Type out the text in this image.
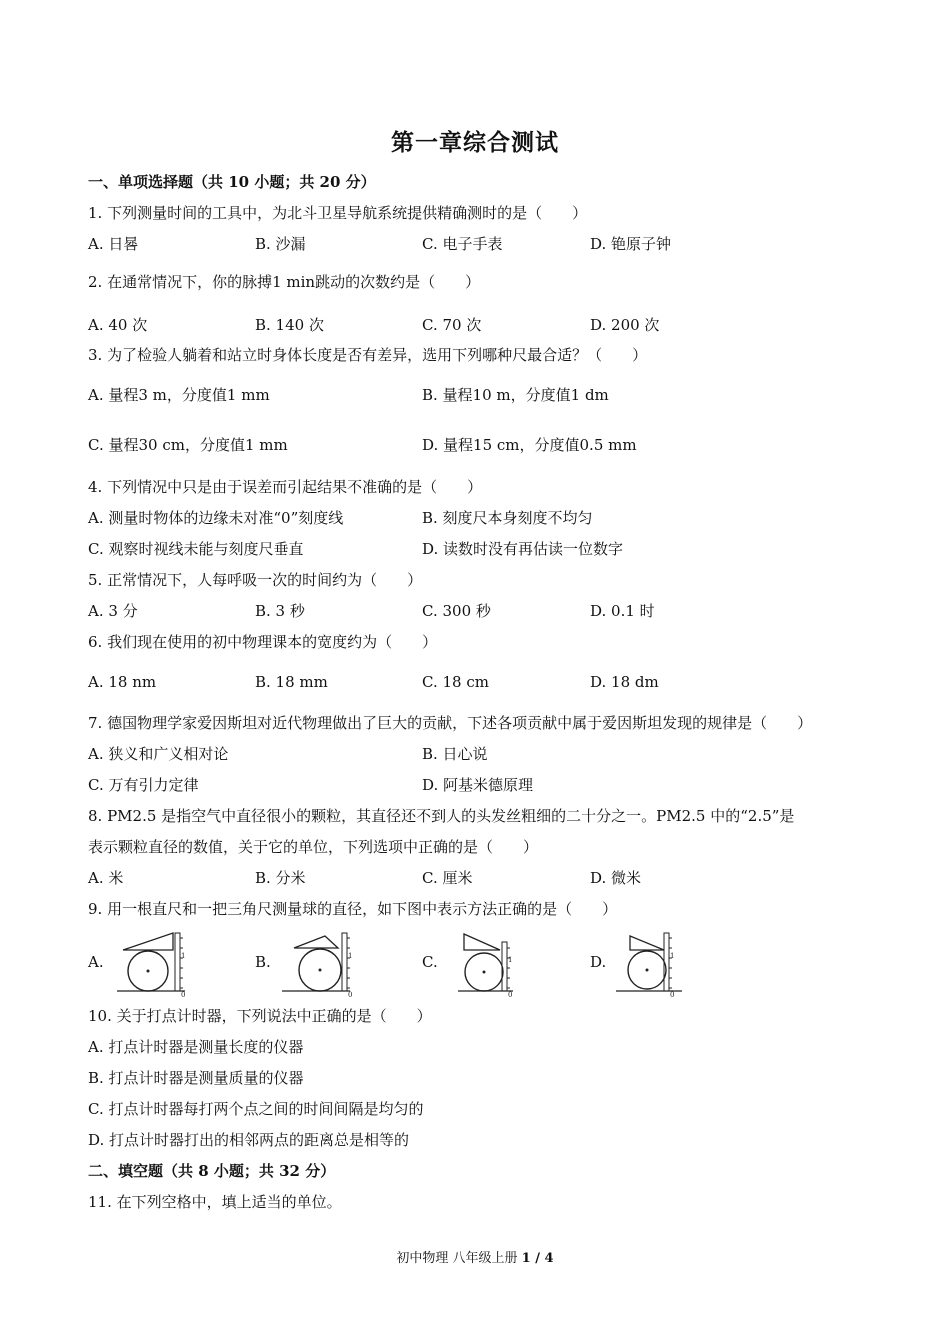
第一章综合测试
一、单项选择题（共 10 小题；共 20 分）
1. 下列测量时间的工具中，为北斗卫星导航系统提供精确测时的是（　　）
A. 日晷	B. 沙漏	C. 电子手表	D. 铯原子钟
2. 在通常情况下，你的脉搏1 min跳动的次数约是（　　）
A. 40 次	B. 140 次	C. 70 次	D. 200 次
3. 为了检验人躺着和站立时身体长度是否有差异，选用下列哪种尺最合适？（　　）
A. 量程3 m，分度值1 mm	B. 量程10 m，分度值1 dm
C. 量程30 cm，分度值1 mm	D. 量程15 cm，分度值0.5 mm
4. 下列情况中只是由于误差而引起结果不准确的是（　　）
A. 测量时物体的边缘未对准“0”刻度线	B. 刻度尺本身刻度不均匀
C. 观察时视线未能与刻度尺垂直	D. 读数时没有再估读一位数字
5. 正常情况下，人每呼吸一次的时间约为（　　）
A. 3 分	B. 3 秒	C. 300 秒	D. 0.1 时
6. 我们现在使用的初中物理课本的宽度约为（　　）
A. 18 nm	B. 18 mm	C. 18 cm	D. 18 dm
7. 德国物理学家爱因斯坦对近代物理做出了巨大的贡献，下述各项贡献中属于爱因斯坦发现的规律是（　　）
A. 狭义和广义相对论	B. 日心说
C. 万有引力定律	D. 阿基米德原理
8. PM2.5 是指空气中直径很小的颗粒，其直径还不到人的头发丝粗细的二十分之一。PM2.5 中的“2.5”是
表示颗粒直径的数值，关于它的单位，下列选项中正确的是（　　）
A. 米	B. 分米	C. 厘米	D. 微米
9. 用一根直尺和一把三角尺测量球的直径，如下图中表示方法正确的是（　　）
A.	B.	C.	D.
1
0
1
0
1
0
1
0
10. 关于打点计时器，下列说法中正确的是（　　）
A. 打点计时器是测量长度的仪器
B. 打点计时器是测量质量的仪器
C. 打点计时器每打两个点之间的时间间隔是均匀的
D. 打点计时器打出的相邻两点的距离总是相等的
二、填空题（共 8 小题；共 32 分）
11. 在下列空格中，填上适当的单位。
初中物理 八年级上册 1 / 4
